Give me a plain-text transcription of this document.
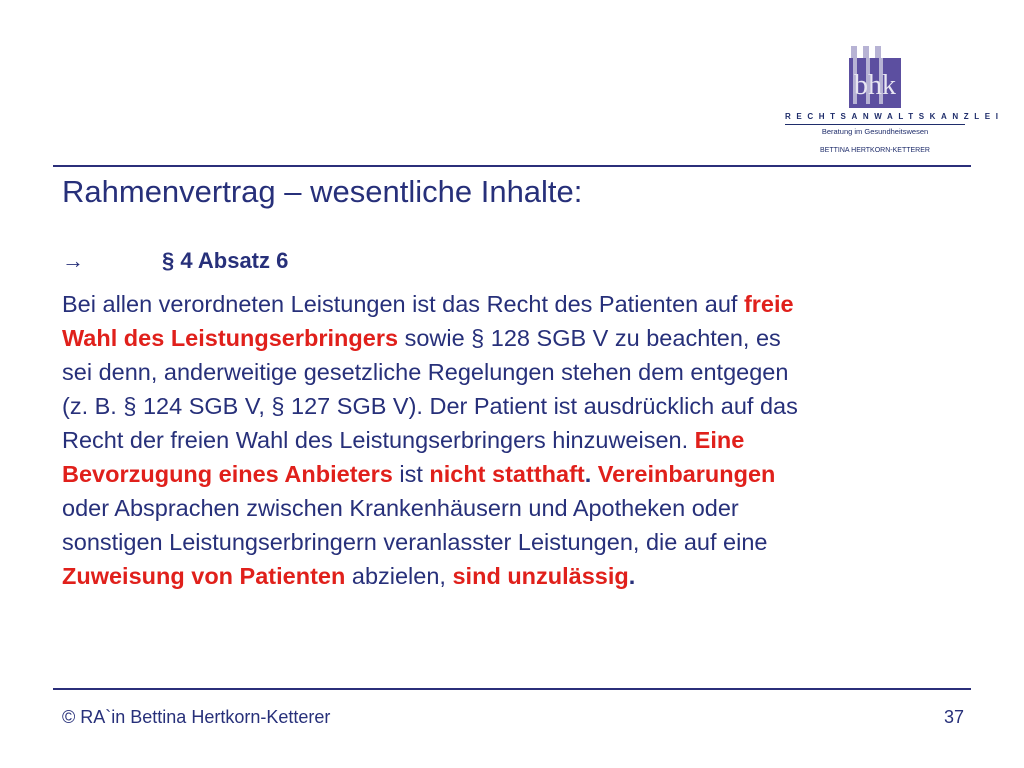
bhk
RECHTSANWALTSKANZLEI
Beratung im Gesundheitswesen
BETTINA HERTKORN-KETTERER
Rahmenvertrag – wesentliche Inhalte:
→	§ 4 Absatz 6
Bei allen verordneten Leistungen ist das Recht des Patienten auf freie
Wahl des Leistungserbringers sowie § 128 SGB V zu beachten, es
sei denn, anderweitige gesetzliche Regelungen stehen dem entgegen
(z. B. § 124 SGB V, § 127 SGB V). Der Patient ist ausdrücklich auf das
Recht der freien Wahl des Leistungserbringers hinzuweisen. Eine
Bevorzugung eines Anbieters ist nicht statthaft. Vereinbarungen
oder Absprachen zwischen Krankenhäusern und Apotheken oder
sonstigen Leistungserbringern veranlasster Leistungen, die auf eine
Zuweisung von Patienten abzielen, sind unzulässig.
© RA`in Bettina Hertkorn-Ketterer	37
